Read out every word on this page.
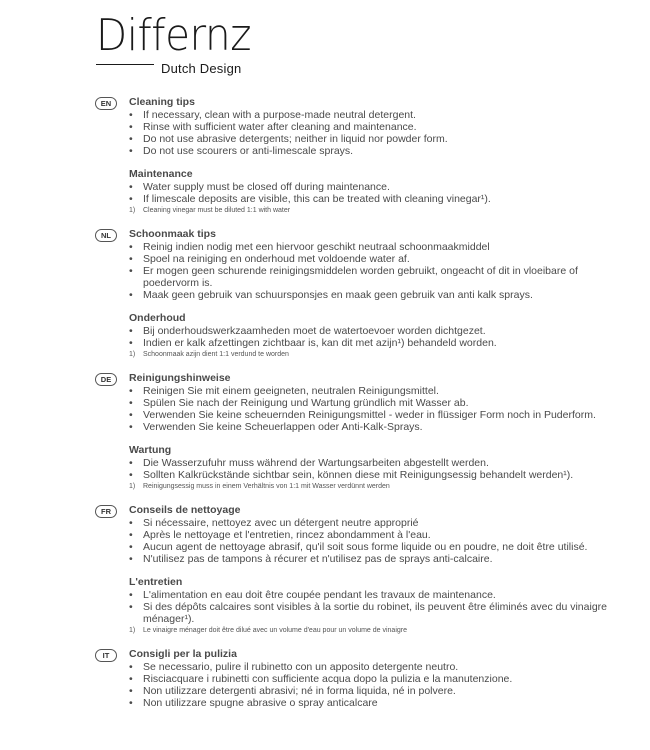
Differnz
Dutch Design
EN	Cleaning tips
• If necessary, clean with a purpose-made neutral detergent.
• Rinse with sufficient water after cleaning and maintenance.
• Do not use abrasive detergents; neither in liquid nor powder form.
• Do not use scourers or anti-limescale sprays.
Maintenance
• Water supply must be closed off during maintenance.
• If limescale deposits are visible, this can be treated with cleaning vinegar¹).
1) Cleaning vinegar must be diluted 1:1 with water
NL	Schoonmaak tips
• Reinig indien nodig met een hiervoor geschikt neutraal schoonmaakmiddel
• Spoel na reiniging en onderhoud met voldoende water af.
• Er mogen geen schurende reinigingsmiddelen worden gebruikt, ongeacht of dit in vloeibare of poedervorm is.
• Maak geen gebruik van schuursponsjes en maak geen gebruik van anti kalk sprays.
Onderhoud
• Bij onderhoudswerkzaamheden moet de watertoevoer worden dichtgezet.
• Indien er kalk afzettingen zichtbaar is, kan dit met azijn¹) behandeld worden.
1) Schoonmaak azijn dient 1:1 verdund te worden
DE	Reinigungshinweise
• Reinigen Sie mit einem geeigneten, neutralen Reinigungsmittel.
• Spülen Sie nach der Reinigung und Wartung gründlich mit Wasser ab.
• Verwenden Sie keine scheuernden Reinigungsmittel - weder in flüssiger Form noch in Puderform.
• Verwenden Sie keine Scheuerlappen oder Anti-Kalk-Sprays.
Wartung
• Die Wasserzufuhr muss während der Wartungsarbeiten abgestellt werden.
• Sollten Kalkrückstände sichtbar sein, können diese mit Reinigungsessig behandelt werden¹).
1) Reinigungsessig muss in einem Verhältnis von 1:1 mit Wasser verdünnt werden
FR	Conseils de nettoyage
• Si nécessaire, nettoyez avec un détergent neutre approprié
• Après le nettoyage et l'entretien, rincez abondamment à l'eau.
• Aucun agent de nettoyage abrasif, qu'il soit sous forme liquide ou en poudre, ne doit être utilisé.
• N'utilisez pas de tampons à récurer et n'utilisez pas de sprays anti-calcaire.
L'entretien
• L'alimentation en eau doit être coupée pendant les travaux de maintenance.
• Si des dépôts calcaires sont visibles à la sortie du robinet, ils peuvent être éliminés avec du vinaigre ménager¹).
1) Le vinaigre ménager doit être dilué avec un volume d'eau pour un volume de vinaigre
IT	Consigli per la pulizia
• Se necessario, pulire il rubinetto con un apposito detergente neutro.
• Risciacquare i rubinetti con sufficiente acqua dopo la pulizia e la manutenzione.
• Non utilizzare detergenti abrasivi; né in forma liquida, né in polvere.
• Non utilizzare spugne abrasive o spray anticalcare
